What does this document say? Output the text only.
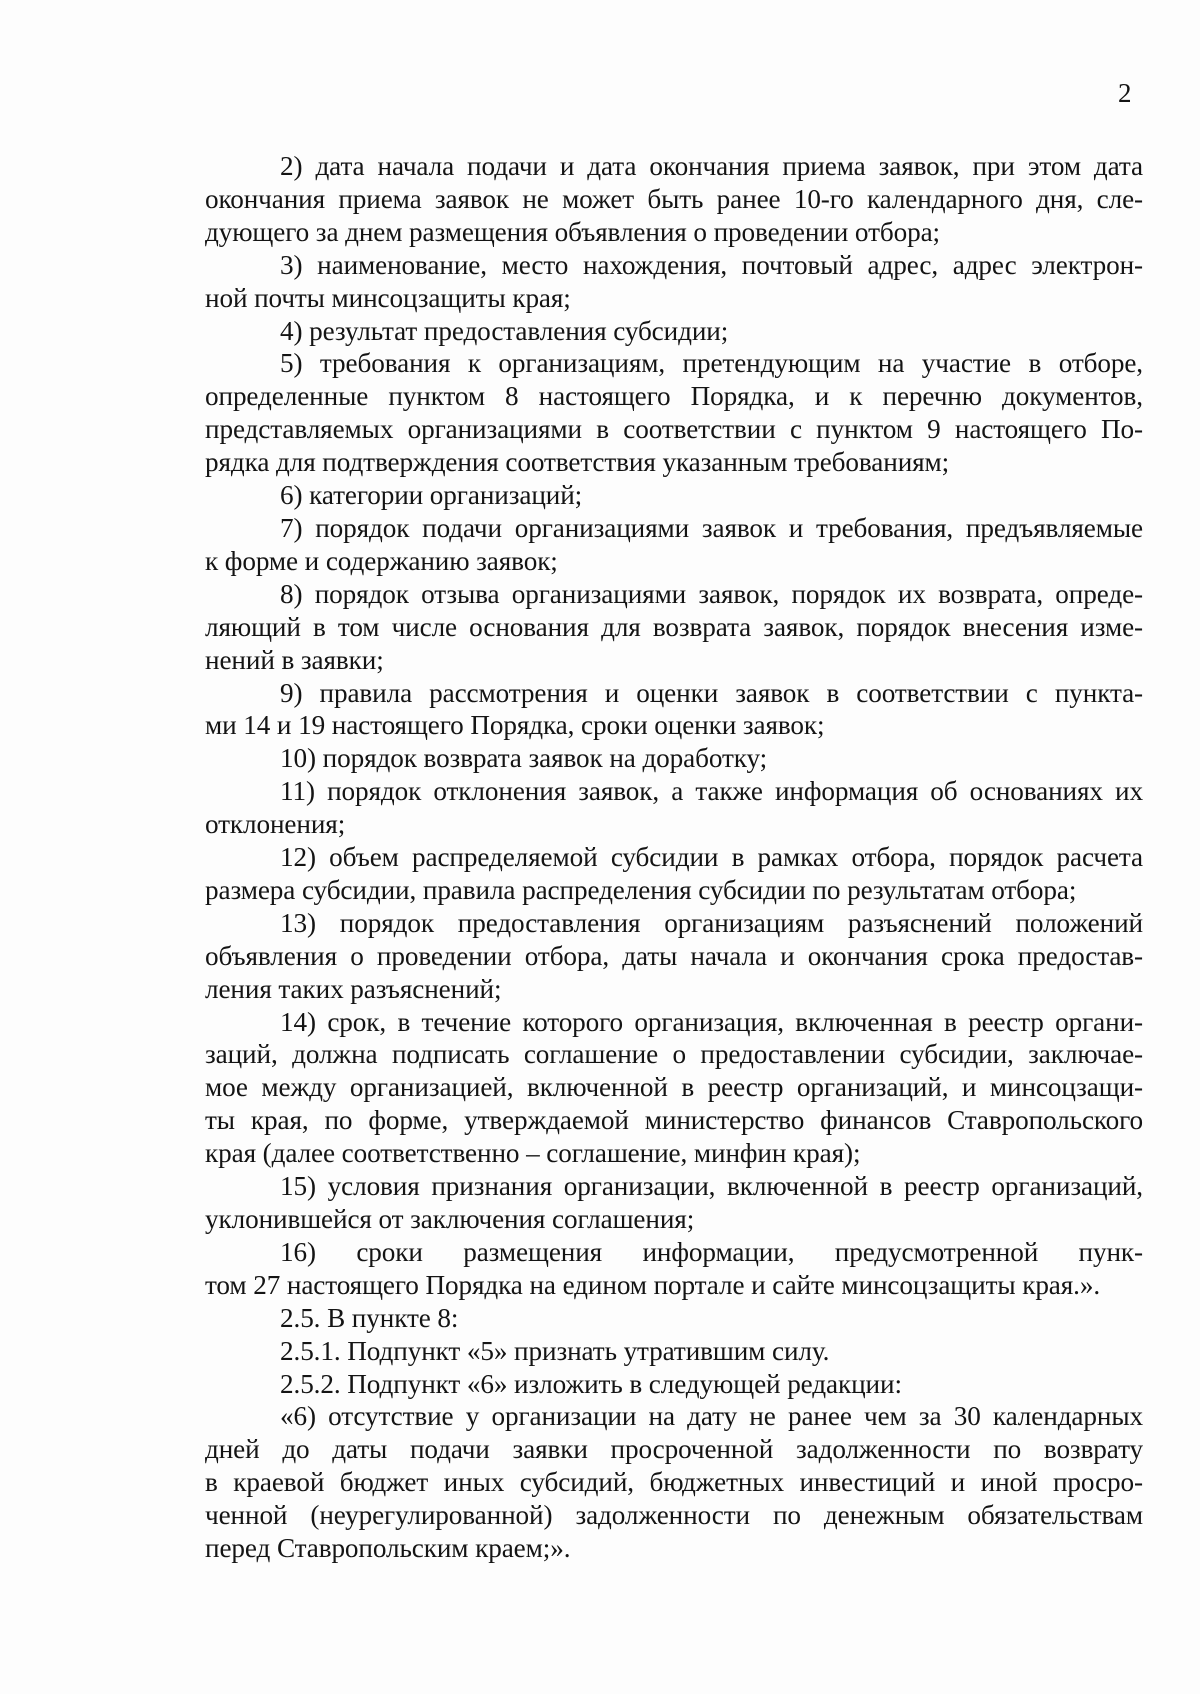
2
2) дата начала подачи и дата окончания приема заявок, при этом дата
окончания приема заявок не может быть ранее 10-го календарного дня, сле-
дующего за днем размещения объявления о проведении отбора;
3) наименование, место нахождения, почтовый адрес, адрес электрон-
ной почты минсоцзащиты края;
4) результат предоставления субсидии;
5) требования к организациям, претендующим на участие в отборе,
определенные пунктом 8 настоящего Порядка, и к перечню документов,
представляемых организациями в соответствии с пунктом 9 настоящего По-
рядка для подтверждения соответствия указанным требованиям;
6) категории организаций;
7) порядок подачи организациями заявок и требования, предъявляемые
к форме и содержанию заявок;
8) порядок отзыва организациями заявок, порядок их возврата, опреде-
ляющий в том числе основания для возврата заявок, порядок внесения изме-
нений в заявки;
9) правила рассмотрения и оценки заявок в соответствии с пункта-
ми 14 и 19 настоящего Порядка, сроки оценки заявок;
10) порядок возврата заявок на доработку;
11) порядок отклонения заявок, а также информация об основаниях их
отклонения;
12) объем распределяемой субсидии в рамках отбора, порядок расчета
размера субсидии, правила распределения субсидии по результатам отбора;
13) порядок предоставления организациям разъяснений положений
объявления о проведении отбора, даты начала и окончания срока предостав-
ления таких разъяснений;
14) срок, в течение которого организация, включенная в реестр органи-
заций, должна подписать соглашение о предоставлении субсидии, заключае-
мое между организацией, включенной в реестр организаций, и минсоцзащи-
ты края, по форме, утверждаемой министерство финансов Ставропольского
края (далее соответственно – соглашение, минфин края);
15) условия признания организации, включенной в реестр организаций,
уклонившейся от заключения соглашения;
16) сроки размещения информации, предусмотренной пунк-
том 27 настоящего Порядка на едином портале и сайте минсоцзащиты края.».
2.5. В пункте 8:
2.5.1. Подпункт «5» признать утратившим силу.
2.5.2. Подпункт «6» изложить в следующей редакции:
«6) отсутствие у организации на дату не ранее чем за 30 календарных
дней до даты подачи заявки просроченной задолженности по возврату
в краевой бюджет иных субсидий, бюджетных инвестиций и иной просро-
ченной (неурегулированной) задолженности по денежным обязательствам
перед Ставропольским краем;».
